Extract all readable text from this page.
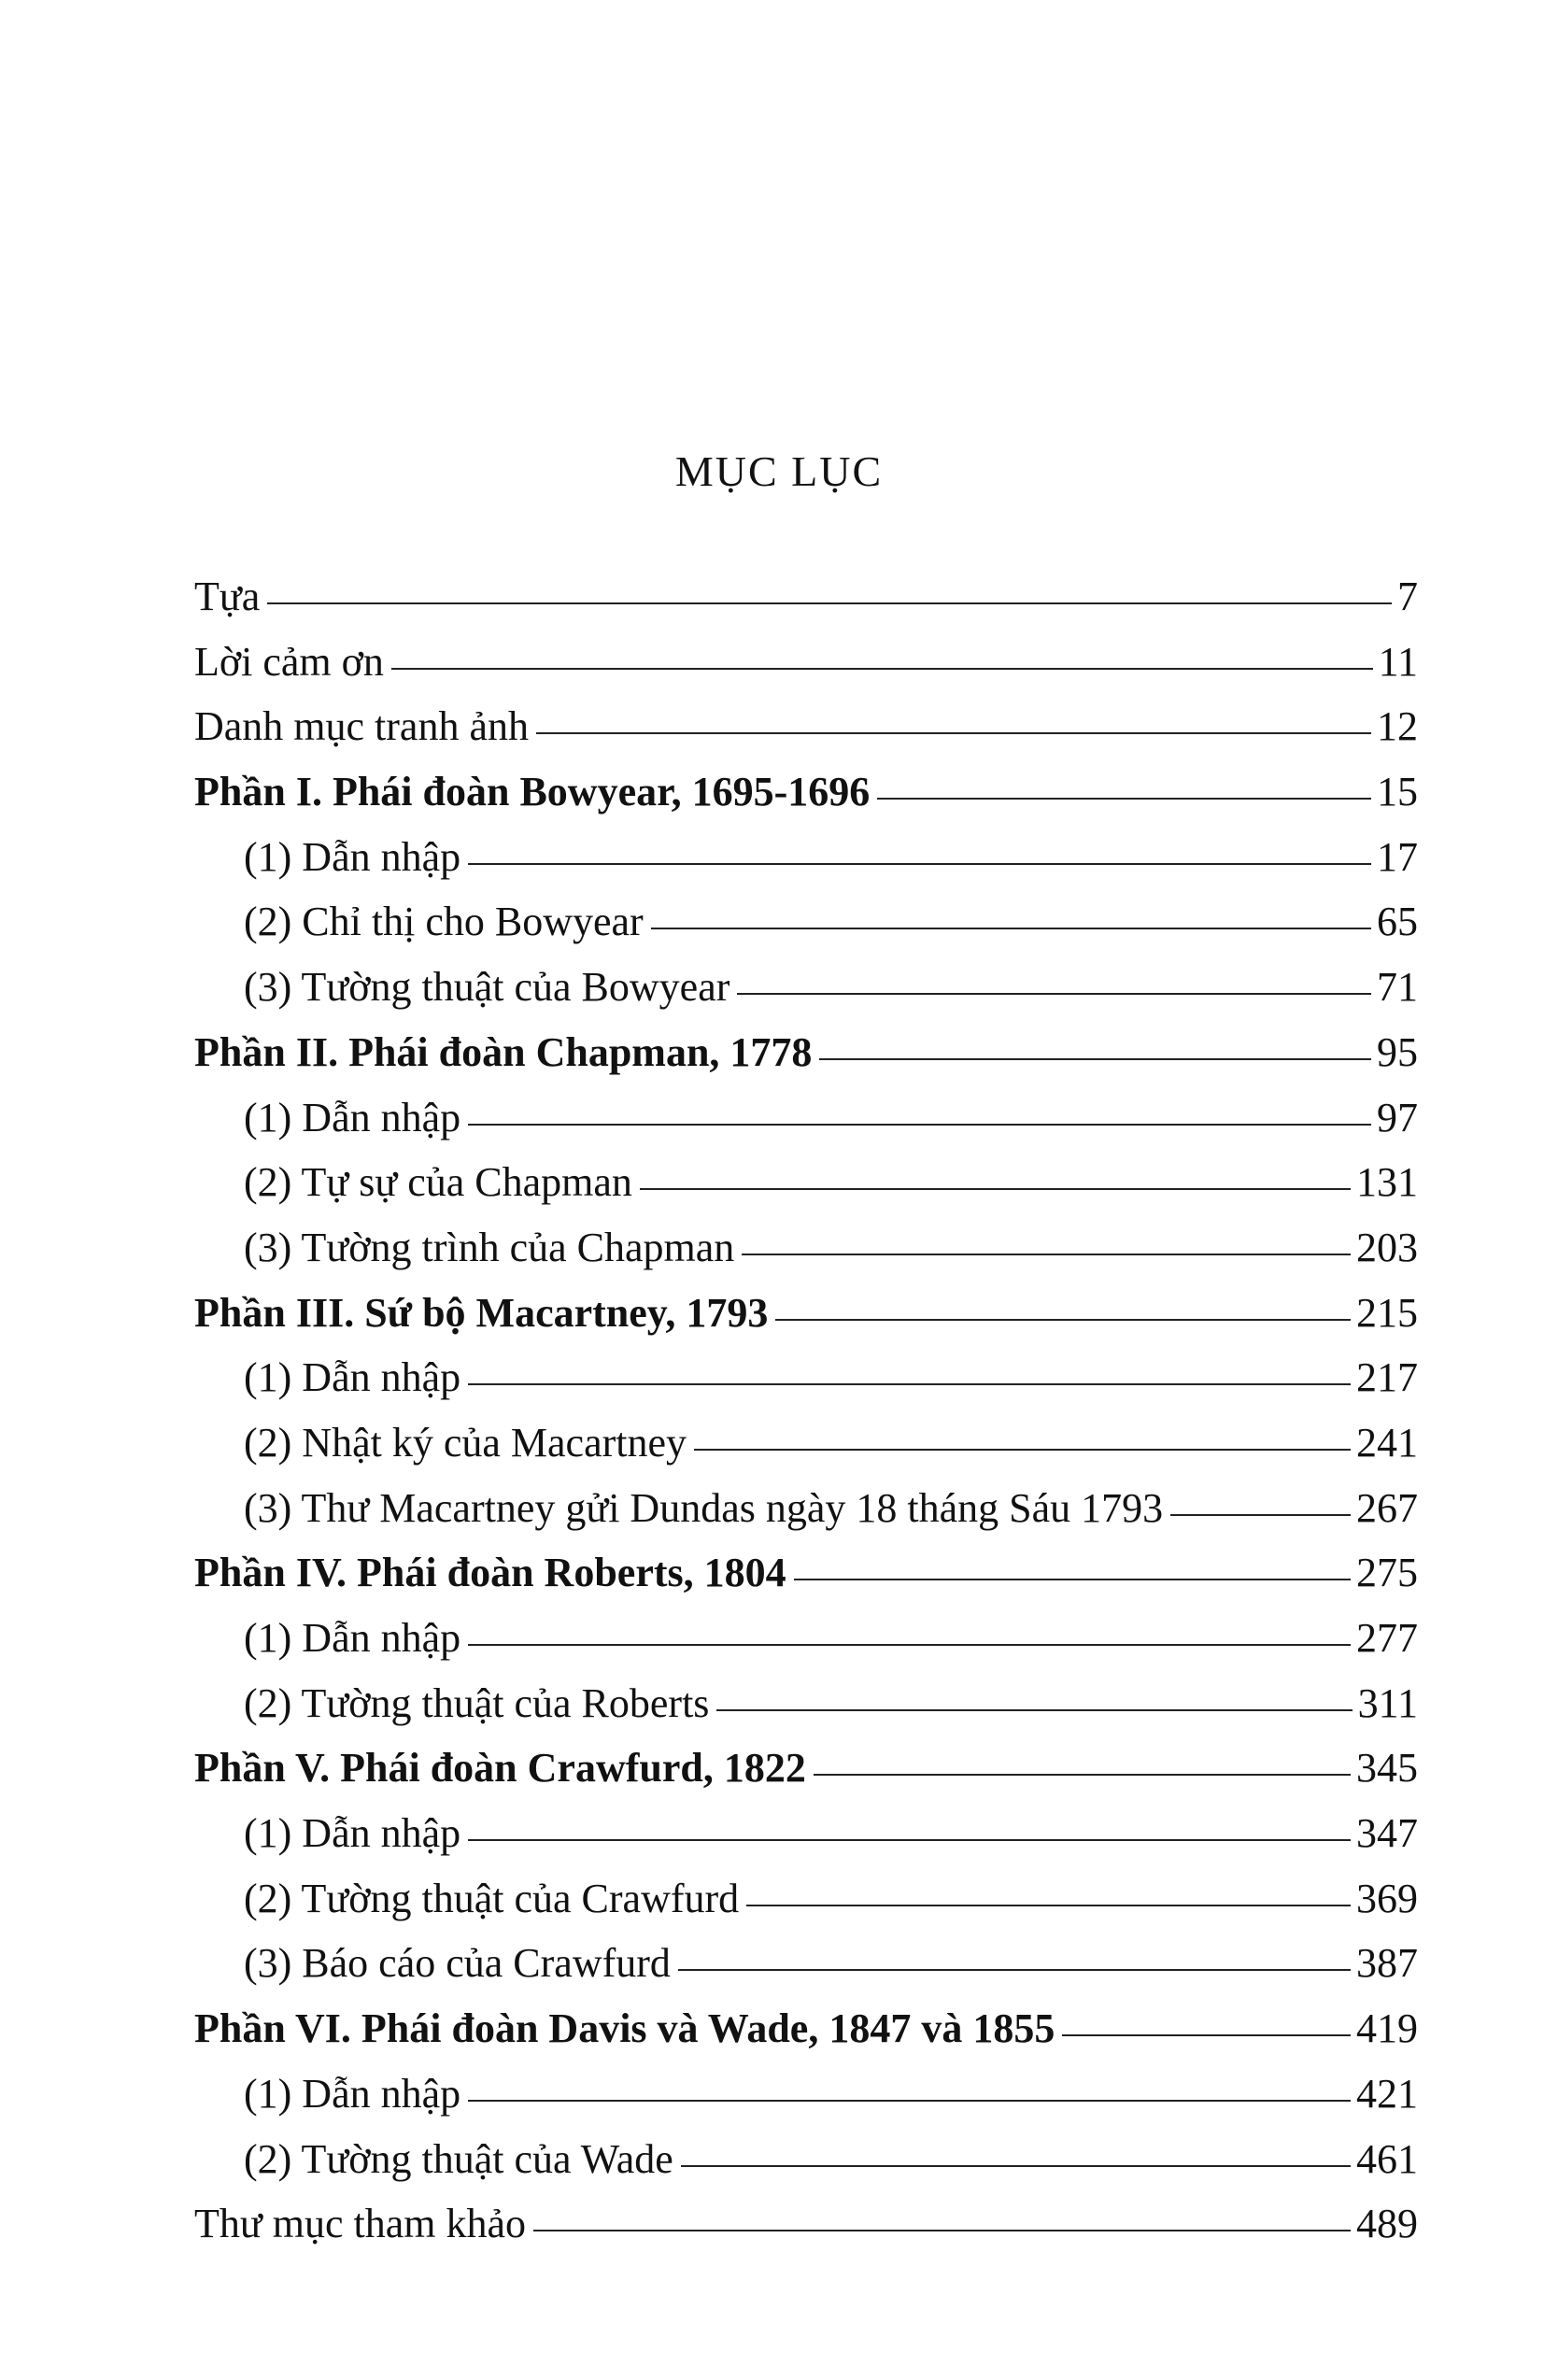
MỤC LỤC
Tựa	7
Lời cảm ơn	11
Danh mục tranh ảnh	12
Phần I. Phái đoàn Bowyear, 1695-1696	15
(1) Dẫn nhập	17
(2) Chỉ thị cho Bowyear	65
(3) Tường thuật của Bowyear	71
Phần II. Phái đoàn Chapman, 1778	95
(1) Dẫn nhập	97
(2) Tự sự của Chapman	131
(3) Tường trình của Chapman	203
Phần III. Sứ bộ Macartney, 1793	215
(1) Dẫn nhập	217
(2) Nhật ký của Macartney	241
(3) Thư Macartney gửi Dundas ngày 18 tháng Sáu 1793	267
Phần IV. Phái đoàn Roberts, 1804	275
(1) Dẫn nhập	277
(2) Tường thuật của Roberts	311
Phần V. Phái đoàn Crawfurd, 1822	345
(1) Dẫn nhập	347
(2) Tường thuật của Crawfurd	369
(3) Báo cáo của Crawfurd	387
Phần VI. Phái đoàn Davis và Wade, 1847 và 1855	419
(1) Dẫn nhập	421
(2) Tường thuật của Wade	461
Thư mục tham khảo	489
